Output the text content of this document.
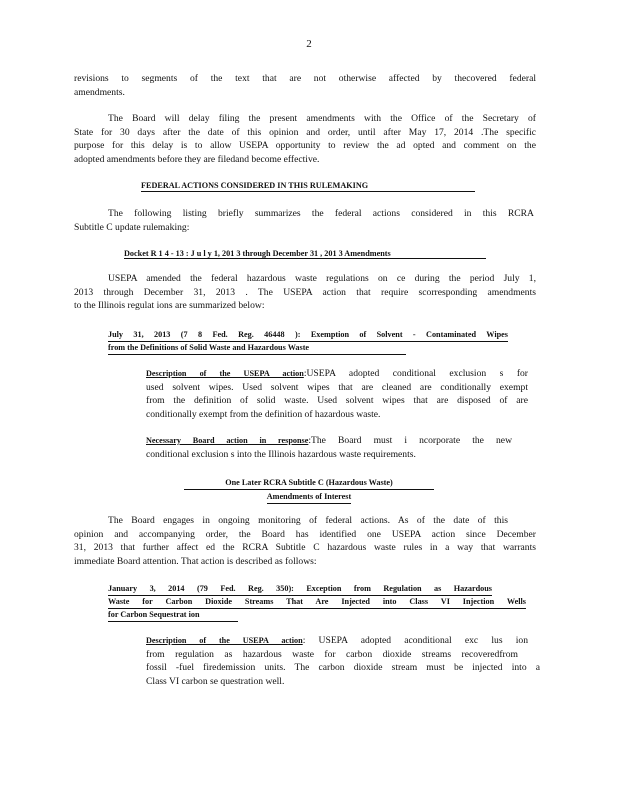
2
revisions to segments of the text that are not otherwise affected by thecovered federal
amendments.
The Board will delay filing the present amendments with the Office of the Secretary of
State for 30 days after the date of this opinion and order, until after May 17, 2014 .The specific
purpose for this delay is to allow USEPA opportunity to review the ad opted and comment on the
adopted amendments before they are filedand become effective.
FEDERAL ACTIONS CONSIDERED IN THIS RULEMAKING
The following listing briefly summarizes the federal actions considered in this RCRA
Subtitle C update rulemaking:
Docket R 1 4 - 13 : J u l y 1, 201 3 through December 31 , 201 3 Amendments
USEPA amended the federal hazardous waste regulations on ce during the period July 1,
2013 through December 31, 2013 . The USEPA action that require scorresponding amendments
to the Illinois regulat ions are summarized below:
July 31, 2013 (7 8 Fed. Reg. 46448 ): Exemption of Solvent - Contaminated Wipes
from the Definitions of Solid Waste and Hazardous Waste
Description of the USEPA action:USEPA adopted conditional exclusion s for
used solvent wipes. Used solvent wipes that are cleaned are conditionally exempt
from the definition of solid waste. Used solvent wipes that are disposed of are
conditionally exempt from the definition of hazardous waste.
Necessary Board action in response:The Board must i ncorporate the new
conditional exclusion s into the Illinois hazardous waste requirements.
One Later RCRA Subtitle C (Hazardous Waste)
Amendments of Interest
The Board engages in ongoing monitoring of federal actions. As of the date of this
opinion and accompanying order, the Board has identified one USEPA action since December
31, 2013 that further affect ed the RCRA Subtitle C hazardous waste rules in a way that warrants
immediate Board attention. That action is described as follows:
January 3, 2014 (79 Fed. Reg. 350): Exception from Regulation as Hazardous
Waste for Carbon Dioxide Streams That Are Injected into Class VI Injection Wells
for Carbon Sequestrat ion
Description of the USEPA action: USEPA adopted aconditional exc lus ion
from regulation as hazardous waste for carbon dioxide streams recoveredfrom
fossil -fuel firedemission units. The carbon dioxide stream must be injected into a
Class VI carbon se questration well.
